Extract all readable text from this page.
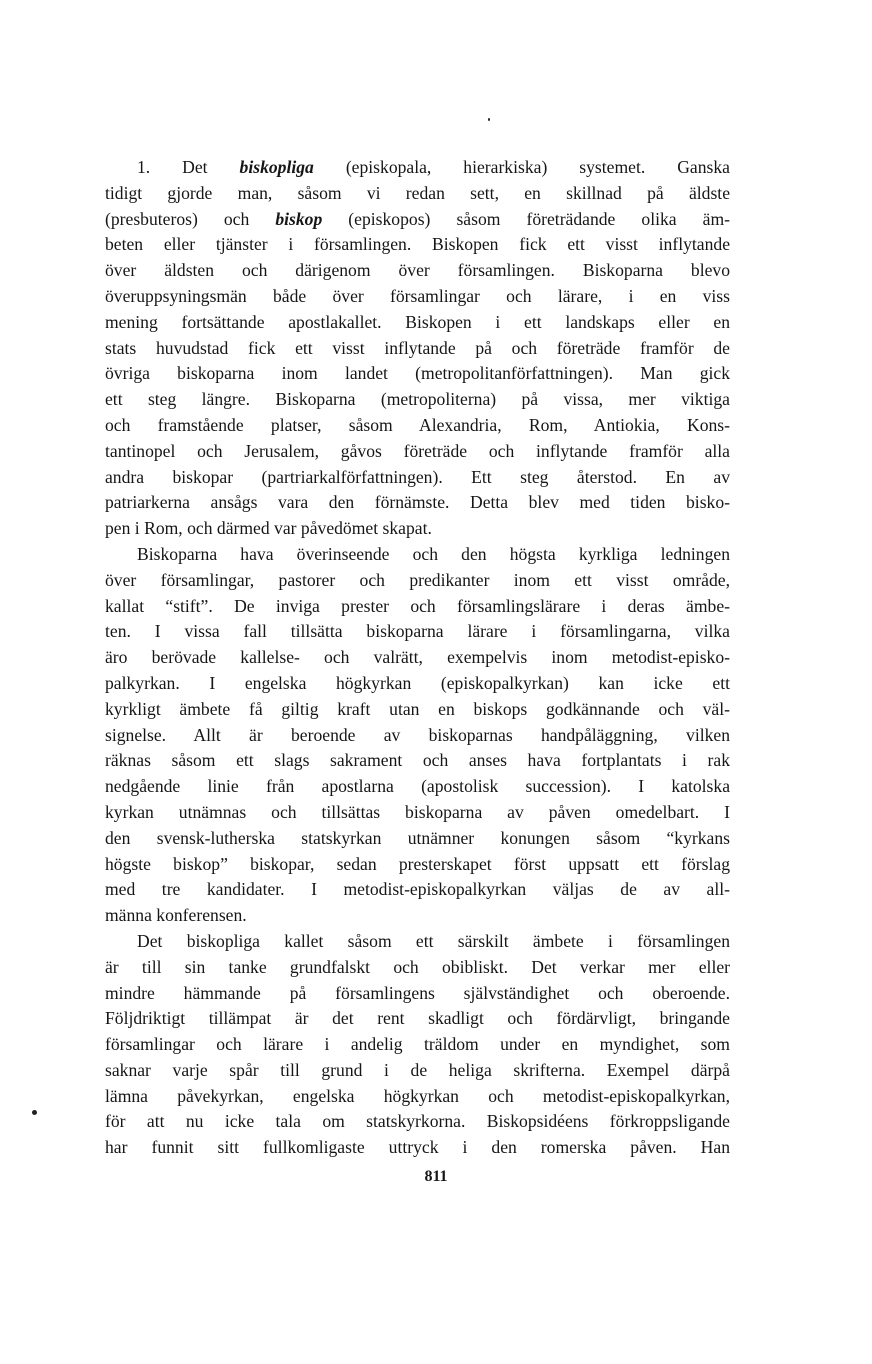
1. Det biskopliga (episkopala, hierarkiska) systemet. Ganska
tidigt gjorde man, såsom vi redan sett, en skillnad på äldste
(presbuteros) och biskop (episkopos) såsom företrädande olika äm-
beten eller tjänster i församlingen. Biskopen fick ett visst inflytande
över äldsten och därigenom över församlingen. Biskoparna blevo
överuppsyningsmän både över församlingar och lärare, i en viss
mening fortsättande apostlakallet. Biskopen i ett landskaps eller en
stats huvudstad fick ett visst inflytande på och företräde framför de
övriga biskoparna inom landet (metropolitanförfattningen). Man gick
ett steg längre. Biskoparna (metropoliterna) på vissa, mer viktiga
och framstående platser, såsom Alexandria, Rom, Antiokia, Kons-
tantinopel och Jerusalem, gåvos företräde och inflytande framför alla
andra biskopar (partriarkalförfattningen). Ett steg återstod. En av
patriarkerna ansågs vara den förnämste. Detta blev med tiden bisko-
pen i Rom, och därmed var påvedömet skapat.
Biskoparna hava överinseende och den högsta kyrkliga ledningen
över församlingar, pastorer och predikanter inom ett visst område,
kallat “stift”. De inviga prester och församlingslärare i deras ämbe-
ten. I vissa fall tillsätta biskoparna lärare i församlingarna, vilka
äro berövade kallelse- och valrätt, exempelvis inom metodist-episko-
palkyrkan. I engelska högkyrkan (episkopalkyrkan) kan icke ett
kyrkligt ämbete få giltig kraft utan en biskops godkännande och väl-
signelse. Allt är beroende av biskoparnas handpåläggning, vilken
räknas såsom ett slags sakrament och anses hava fortplantats i rak
nedgående linie från apostlarna (apostolisk succession). I katolska
kyrkan utnämnas och tillsättas biskoparna av påven omedelbart. I
den svensk-lutherska statskyrkan utnämner konungen såsom “kyrkans
högste biskop” biskopar, sedan presterskapet först uppsatt ett förslag
med tre kandidater. I metodist-episkopalkyrkan väljas de av all-
männa konferensen.
Det biskopliga kallet såsom ett särskilt ämbete i församlingen
är till sin tanke grundfalskt och obibliskt. Det verkar mer eller
mindre hämmande på församlingens självständighet och oberoende.
Följdriktigt tillämpat är det rent skadligt och fördärvligt, bringande
församlingar och lärare i andelig träldom under en myndighet, som
saknar varje spår till grund i de heliga skrifterna. Exempel därpå
lämna påvekyrkan, engelska högkyrkan och metodist-episkopalkyrkan,
för att nu icke tala om statskyrkorna. Biskopsidéens förkroppsligande
har funnit sitt fullkomligaste uttryck i den romerska påven. Han
811
